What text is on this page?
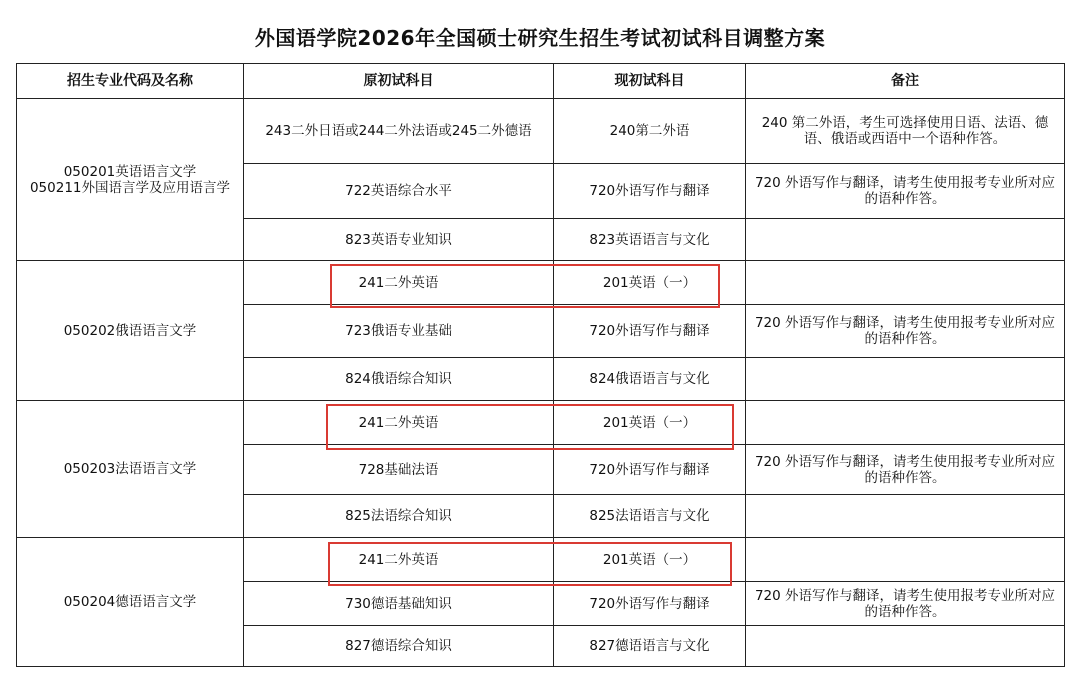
外国语学院2026年全国硕士研究生招生考试初试科目调整方案
招生专业代码及名称	原初试科目	现初试科目	备注

050201英语语言文学
050211外国语言学及应用语言学	243二外日语或244二外法语或245二外德语	240第二外语	240 第二外语，考生可选择使用日语、法语、德语、俄语或西语中一个语种作答。
	722英语综合水平	720外语写作与翻译	720 外语写作与翻译，请考生使用报考专业所对应的语种作答。
	823英语专业知识	823英语语言与文化	

050202俄语语言文学	241二外英语	201英语（一）	
	723俄语专业基础	720外语写作与翻译	720 外语写作与翻译，请考生使用报考专业所对应的语种作答。
	824俄语综合知识	824俄语语言与文化	

050203法语语言文学	241二外英语	201英语（一）	
	728基础法语	720外语写作与翻译	720 外语写作与翻译，请考生使用报考专业所对应的语种作答。
	825法语综合知识	825法语语言与文化	

050204德语语言文学	241二外英语	201英语（一）	
	730德语基础知识	720外语写作与翻译	720 外语写作与翻译，请考生使用报考专业所对应的语种作答。
	827德语综合知识	827德语语言与文化	
